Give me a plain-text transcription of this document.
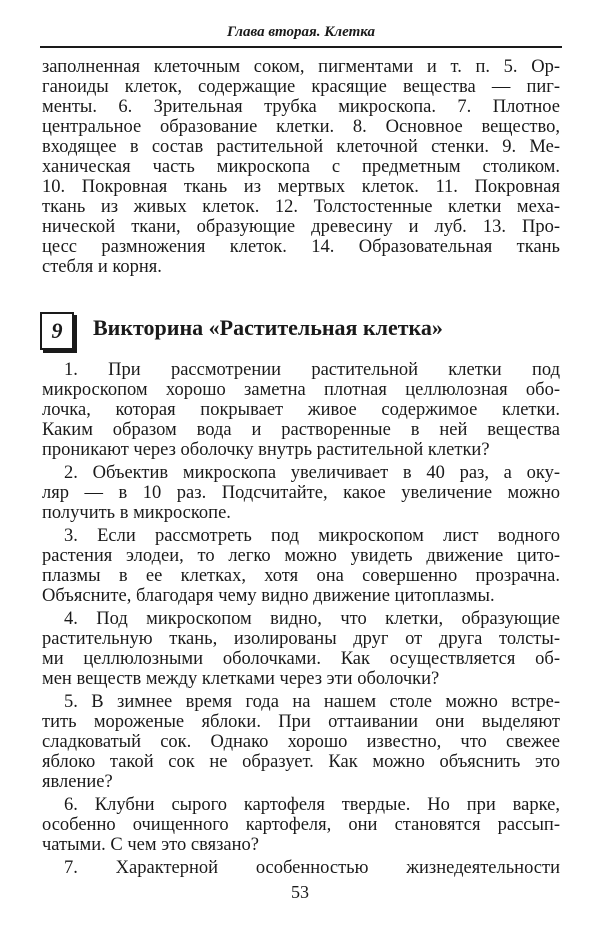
Глава вторая. Клетка
заполненная клеточным соком, пигментами и т. п. 5. Ор-
ганоиды клеток, содержащие красящие вещества — пиг-
менты. 6. Зрительная трубка микроскопа. 7. Плотное
центральное образование клетки. 8. Основное вещество,
входящее в состав растительной клеточной стенки. 9. Ме-
ханическая часть микроскопа с предметным столиком.
10. Покровная ткань из мертвых клеток. 11. Покровная
ткань из живых клеток. 12. Толстостенные клетки меха-
нической ткани, образующие древесину и луб. 13. Про-
цесс размножения клеток. 14. Образовательная ткань
стебля и корня.
9	Викторина «Растительная клетка»
1. При рассмотрении растительной клетки под
микроскопом хорошо заметна плотная целлюлозная обо-
лочка, которая покрывает живое содержимое клетки.
Каким образом вода и растворенные в ней вещества
проникают через оболочку внутрь растительной клетки?
2. Объектив микроскопа увеличивает в 40 раз, а оку-
ляр — в 10 раз. Подсчитайте, какое увеличение можно
получить в микроскопе.
3. Если рассмотреть под микроскопом лист водного
растения элодеи, то легко можно увидеть движение цито-
плазмы в ее клетках, хотя она совершенно прозрачна.
Объясните, благодаря чему видно движение цитоплазмы.
4. Под микроскопом видно, что клетки, образующие
растительную ткань, изолированы друг от друга толсты-
ми целлюлозными оболочками. Как осуществляется об-
мен веществ между клетками через эти оболочки?
5. В зимнее время года на нашем столе можно встре-
тить мороженые яблоки. При оттаивании они выделяют
сладковатый сок. Однако хорошо известно, что свежее
яблоко такой сок не образует. Как можно объяснить это
явление?
6. Клубни сырого картофеля твердые. Но при варке,
особенно очищенного картофеля, они становятся рассып-
чатыми. С чем это связано?
7. Характерной особенностью жизнедеятельности
53
